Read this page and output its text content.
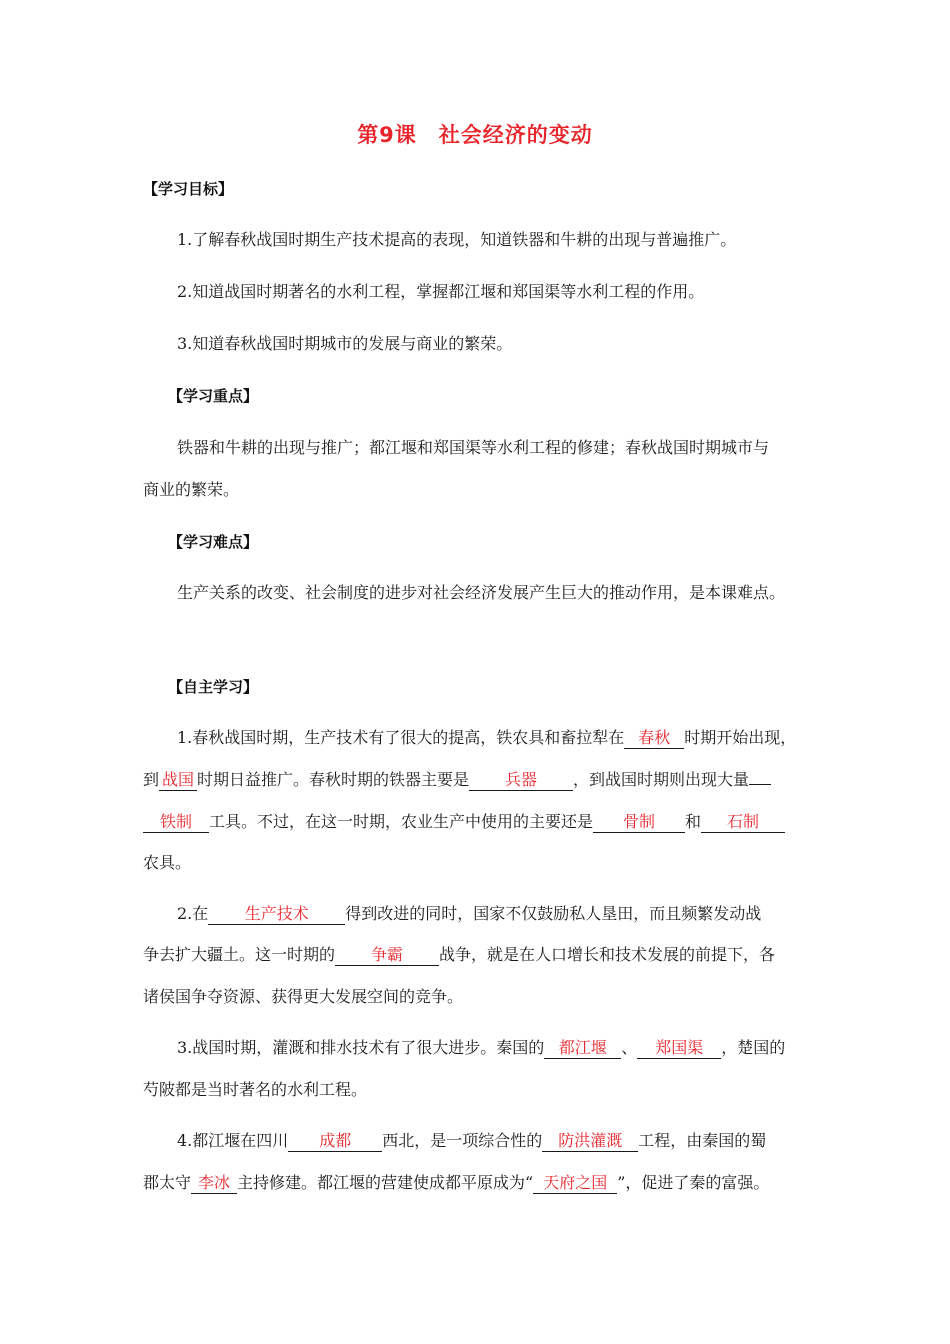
第9课　社会经济的变动
【学习目标】
1.了解春秋战国时期生产技术提高的表现，知道铁器和牛耕的出现与普遍推广。
2.知道战国时期著名的水利工程，掌握都江堰和郑国渠等水利工程的作用。
3.知道春秋战国时期城市的发展与商业的繁荣。
【学习重点】
铁器和牛耕的出现与推广；都江堰和郑国渠等水利工程的修建；春秋战国时期城市与
商业的繁荣。
【学习难点】
生产关系的改变、社会制度的进步对社会经济发展产生巨大的推动作用，是本课难点。
【自主学习】
1.春秋战国时期，生产技术有了很大的提高，铁农具和畜拉犁在 春秋 时期开始出现，
到 战国 时期日益推广。春秋时期的铁器主要是 兵器 ，到战国时期则出现大量
铁制 工具。不过，在这一时期，农业生产中使用的主要还是 骨制 和 石制
农具。
2.在 生产技术 得到改进的同时，国家不仅鼓励私人垦田，而且频繁发动战
争去扩大疆土。这一时期的 争霸 战争，就是在人口增长和技术发展的前提下，各
诸侯国争夺资源、获得更大发展空间的竞争。
3.战国时期，灌溉和排水技术有了很大进步。秦国的 都江堰 、 郑国渠 ，楚国的
芍陂都是当时著名的水利工程。
4.都江堰在四川 成都 西北，是一项综合性的 防洪灌溉 工程，由秦国的蜀
郡太守 李冰 主持修建。都江堰的营建使成都平原成为“ 天府之国 ”，促进了秦的富强。
